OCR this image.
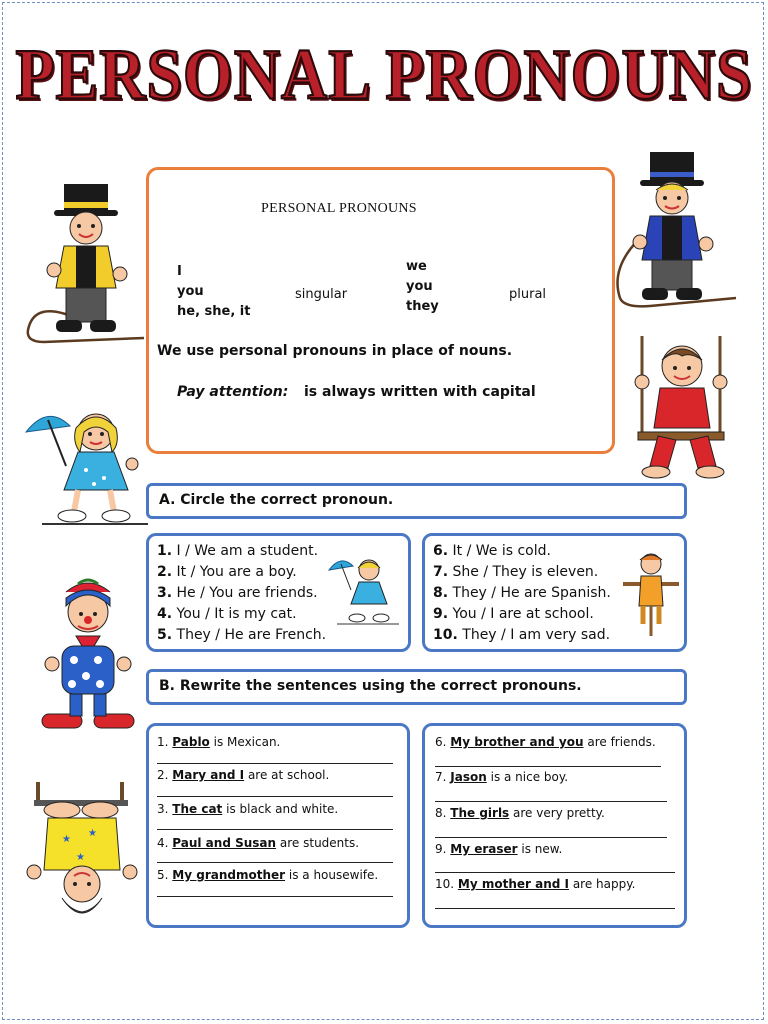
PERSONAL PRONOUNS
★
★
★
PERSONAL PRONOUNS
I
you
he, she, it
singular
we
you
they
plural
We use personal pronouns in place of nouns.
Pay attention: is always written with capital
A. Circle the correct pronoun.
1. I / We am a student.
2. It / You are a boy.
3. He / You are friends.
4. You / It is my cat.
5. They / He are French.
6. It / We is cold.
7. She / They is eleven.
8. They / He are Spanish.
9. You / I are at school.
10. They / I am very sad.
B. Rewrite the sentences using the correct pronouns.
1. Pablo is Mexican.
2. Mary and I are at school.
3. The cat is black and white.
4. Paul and Susan are students.
5. My grandmother is a housewife.
6. My brother and you are friends.
7. Jason is a nice boy.
8. The girls are very pretty.
9. My eraser is new.
10. My mother and I are happy.
